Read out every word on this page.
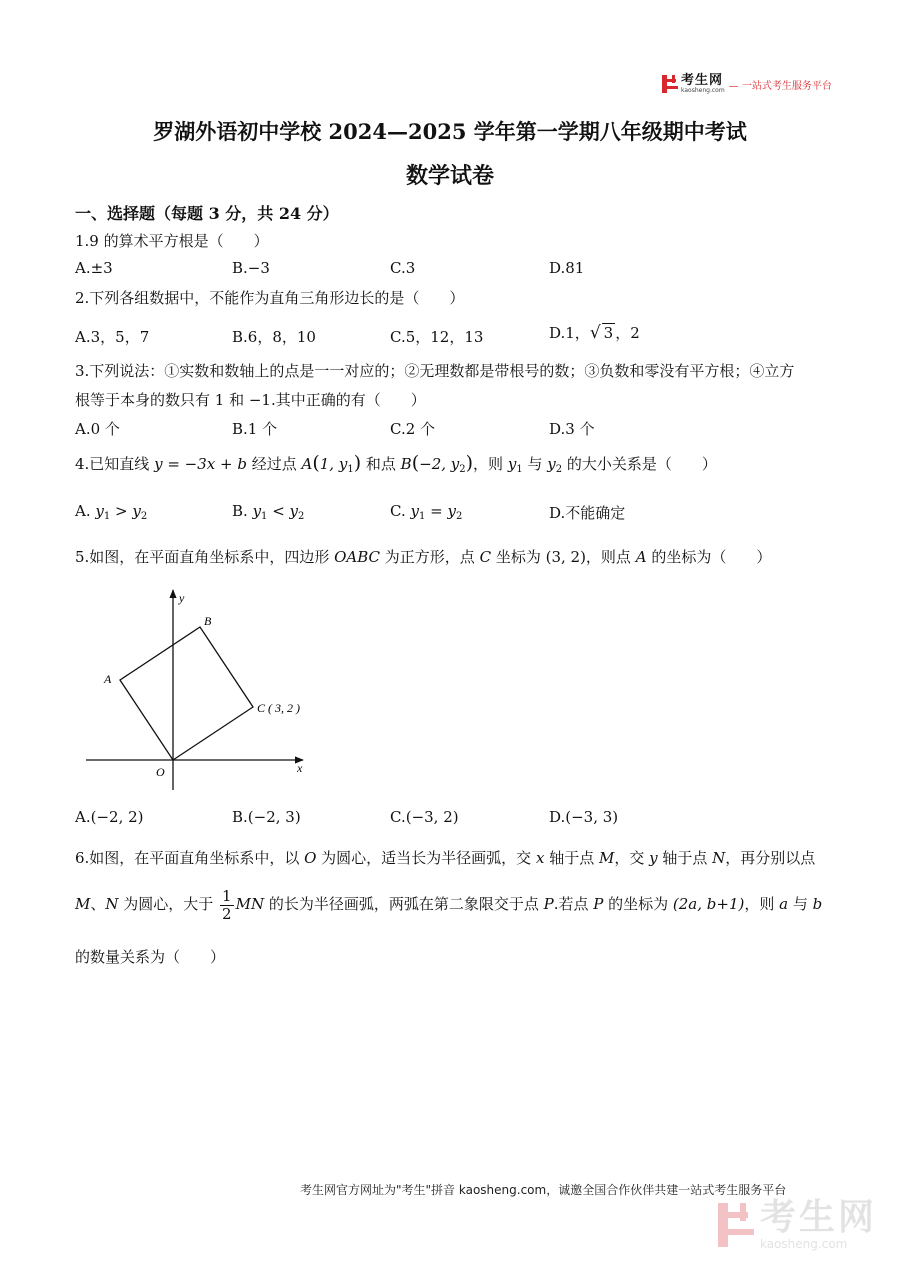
考生网
kaosheng.com — 一站式考生服务平台
罗湖外语初中学校 2024—2025 学年第一学期八年级期中考试
数学试卷
一、选择题（每题 3 分，共 24 分）
1.9 的算术平方根是（　　）
A.±3	B.−3	C.3	D.81
2.下列各组数据中，不能作为直角三角形边长的是（　　）
A.3，5，7	B.6，8，10	C.5，12，13	D.1，√ 3 ，2
3.下列说法：①实数和数轴上的点是一一对应的；②无理数都是带根号的数；③负数和零没有平方根；④立方
根等于本身的数只有 1 和 −1.其中正确的有（　　）
A.0 个	B.1 个	C.2 个	D.3 个
4.已知直线 y = −3x + b 经过点 A(1, $y_1$) 和点 B(−2, $y_2$)，则 $y_1$ 与 $y_2$ 的大小关系是（　　）
A. $y_1 > y_2$	B. $y_1 < y_2$	C. $y_1 = y_2$	D.不能确定
5.如图，在平面直角坐标系中，四边形 OABC 为正方形，点 C 坐标为 (3, 2)，则点 A 的坐标为（　　）
y
x
O
A
B
C ( 3, 2 )
A.(−2, 2)	B.(−2, 3)	C.(−3, 2)	D.(−3, 3)
6.如图，在平面直角坐标系中，以 O 为圆心，适当长为半径画弧，交 x 轴于点 M，交 y 轴于点 N，再分别以点
M、N 为圆心，大于 $\frac{1}{2}$ MN 的长为半径画弧，两弧在第二象限交于点 P.若点 P 的坐标为 (2a, b+1)，则 a 与 b
的数量关系为（　　）
考生网官方网址为"考生"拼音 kaosheng.com，诚邀全国合作伙伴共建一站式考生服务平台
考生网
kaosheng.com
